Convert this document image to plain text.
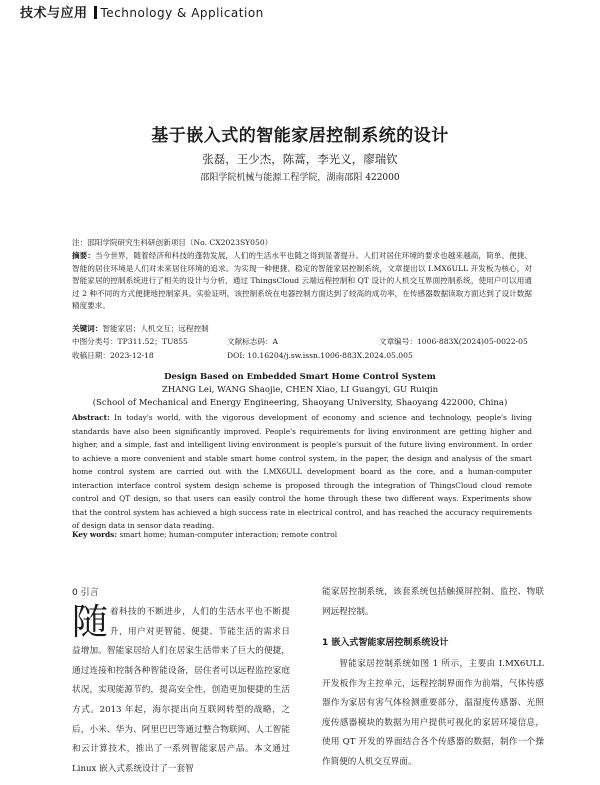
技术与应用 Technology & Application
基于嵌入式的智能家居控制系统的设计
张磊，王少杰，陈蒿，李光义，廖瑞钦
邵阳学院机械与能源工程学院，湖南邵阳 422000
注：邵阳学院研究生科研创新项目（No. CX2023SY050）
摘要：当今世界，随着经济和科技的蓬勃发展，人们的生活水平也随之得到显著提升。人们对居住环境的要求也越来越高，简单、便捷、智能的居住环境是人们对未来居住环境的追求。为实现一种便捷、稳定的智能家居控制系统，文章提出以 I.MX6ULL 开发板为核心，对智能家居的控制系统进行了相关的设计与分析，通过 ThingsCloud 云端远程控制和 QT 设计的人机交互界面控制系统，使用户可以用通过 2 种不同的方式便捷地控制家具。实验证明，该控制系统在电器控制方面达到了较高的成功率，在传感器数据读取方面达到了设计数据精度要求。
关键词：智能家居；人机交互；远程控制
中图分类号：TP311.52；TU855	文献标志码：A	文章编号：1006-883X(2024)05-0022-05
收稿日期：2023-12-18	DOI: 10.16204/j.sw.issn.1006-883X.2024.05.005
Design Based on Embedded Smart Home Control System
ZHANG Lei, WANG Shaojie, CHEN Xiao, LI Guangyi, GU Ruiqin
(School of Mechanical and Energy Engineering, Shaoyang University, Shaoyang 422000, China)
Abstract: In today's world, with the vigorous development of economy and science and technology, people's living standards have also been significantly improved. People's requirements for living environment are getting higher and higher, and a simple, fast and intelligent living environment is people's pursuit of the future living environment. In order to achieve a more convenient and stable smart home control system, in the paper, the design and analysis of the smart home control system are carried out with the I.MX6ULL development board as the core, and a human-computer interaction interface control system design scheme is proposed through the integration of ThingsCloud cloud remote control and QT design, so that users can easily control the home through these two different ways. Experiments show that the control system has achieved a high success rate in electrical control, and has reached the accuracy requirements of design data in sensor data reading.
Key words: smart home; human-computer interaction; remote control
0 引言
随着科技的不断进步，人们的生活水平也不断提升，用户对更智能、便捷、节能生活的需求日益增加。智能家居给人们在居家生活带来了巨大的便捷，通过连接和控制各种智能设备，居住者可以远程监控家庭状况，实现能源节约，提高安全性，创造更加便捷的生活方式。2013 年起，海尔提出向互联网转型的战略，之后，小米、华为、阿里巴巴等通过整合物联网、人工智能和云计算技术，推出了一系列智能家居产品。本文通过 Linux 嵌入式系统设计了一套智
能家居控制系统，该套系统包括触摸屏控制、监控、物联网远程控制。
1 嵌入式智能家居控制系统设计
智能家居控制系统如图 1 所示，主要由 I.MX6ULL 开发板作为主控单元，远程控制界面作为前端，气体传感器作为家居有害气体检测重要部分，温湿度传感器、光照度传感器模块的数据为用户提供可视化的家居环境信息，使用 QT 开发的界面结合各个传感器的数据，制作一个操作简便的人机交互界面。
